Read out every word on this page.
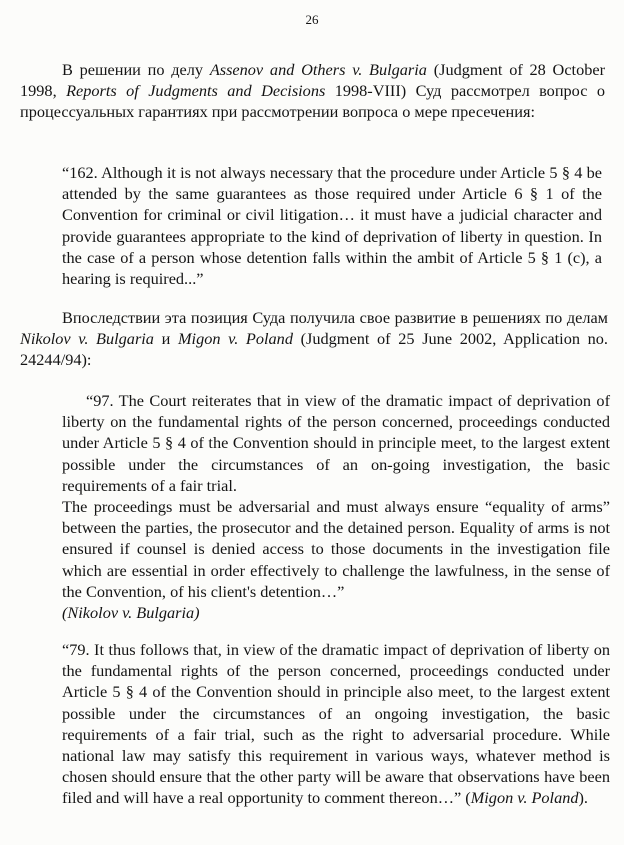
26

В решении по делу Assenov and Others v. Bulgaria (Judgment of 28 October 1998, Reports of Judgments and Decisions 1998-VIII) Суд рассмотрел вопрос о процессуальных гарантиях при рассмотрении вопроса о мере пресечения:

“162. Although it is not always necessary that the procedure under Article 5 § 4 be attended by the same guarantees as those required under Article 6 § 1 of the Convention for criminal or civil litigation… it must have a judicial character and provide guarantees appropriate to the kind of deprivation of liberty in question. In the case of a person whose detention falls within the ambit of Article 5 § 1 (c), a hearing is required...”

Впоследствии эта позиция Суда получила свое развитие в решениях по делам Nikolov v. Bulgaria и Migon v. Poland (Judgment of 25 June 2002, Application no. 24244/94):

“97. The Court reiterates that in view of the dramatic impact of deprivation of liberty on the fundamental rights of the person concerned, proceedings conducted under Article 5 § 4 of the Convention should in principle meet, to the largest extent possible under the circumstances of an on-going investigation, the basic requirements of a fair trial.

The proceedings must be adversarial and must always ensure “equality of arms” between the parties, the prosecutor and the detained person. Equality of arms is not ensured if counsel is denied access to those documents in the investigation file which are essential in order effectively to challenge the lawfulness, in the sense of the Convention, of his client's detention…”
(Nikolov v. Bulgaria)

“79. It thus follows that, in view of the dramatic impact of deprivation of liberty on the fundamental rights of the person concerned, proceedings conducted under Article 5 § 4 of the Convention should in principle also meet, to the largest extent possible under the circumstances of an ongoing investigation, the basic requirements of a fair trial, such as the right to adversarial procedure. While national law may satisfy this requirement in various ways, whatever method is chosen should ensure that the other party will be aware that observations have been filed and will have a real opportunity to comment thereon…” (Migon v. Poland).
